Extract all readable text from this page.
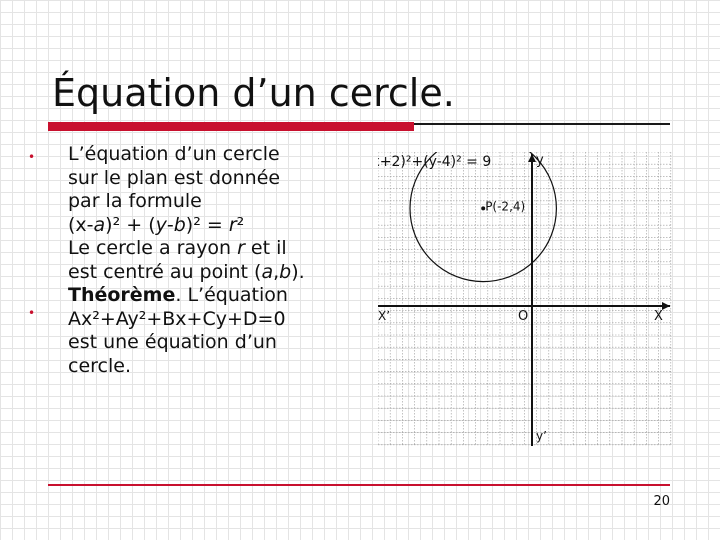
Équation d’un cercle.
•
•

L’équation d’un cercle

sur le plan est donnée

par la formule

(x-a)² + (y-b)² = r²

Le cercle a rayon r et il

est centré au point (a,b).

Théorème. L’équation

Ax²+Ay²+Bx+Cy+D=0

est une équation d’un

cercle.

(x+2)²+(y-4)² = 9
P(-2,4)
O	X
X’
y
y’
20
